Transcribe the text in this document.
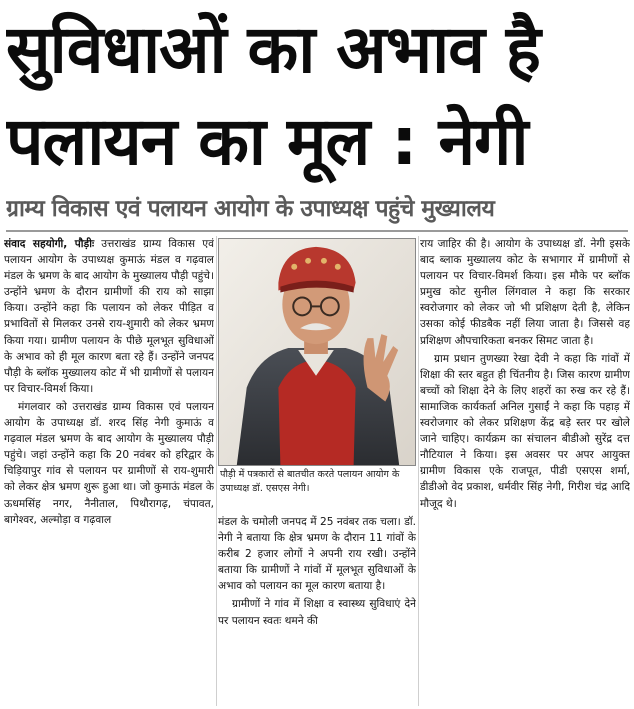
सुविधाओं का अभाव है
पलायन का मूल : नेगी
ग्राम्य विकास एवं पलायन आयोग के उपाध्यक्ष पहुंचे मुख्यालय

संवाद सहयोगी, पौड़ीः उत्तराखंड ग्राम्य विकास एवं पलायन आयोग के उपाध्यक्ष कुमाऊं मंडल व गढ़वाल मंडल के भ्रमण के बाद आयोग के मुख्यालय पौड़ी पहुंचे। उन्होंने भ्रमण के दौरान ग्रामीणों की राय को साझा किया। उन्होंने कहा कि पलायन को लेकर पीड़ित व प्रभावितों से मिलकर उनसे राय-शुमारी को लेकर भ्रमण किया गया। ग्रामीण पलायन के पीछे मूलभूत सुविधाओं के अभाव को ही मूल कारण बता रहे हैं। उन्होंने जनपद पौड़ी के ब्लॉक मुख्यालय कोट में भी ग्रामीणों से पलायन पर विचार-विमर्श किया।

मंगलवार को उत्तराखंड ग्राम्य विकास एवं पलायन आयोग के उपाध्यक्ष डॉ. शरद सिंह नेगी कुमाऊं व गढ़वाल मंडल भ्रमण के बाद आयोग के मुख्यालय पौड़ी पहुंचे। जहां उन्होंने कहा कि 20 नवंबर को हरिद्वार के चिड़ियापुर गांव से पलायन पर ग्रामीणों से राय-शुमारी को लेकर क्षेत्र भ्रमण शुरू हुआ था। जो कुमाऊं मंडल के ऊधमसिंह नगर, नैनीताल, पिथौरागढ़, चंपावत, बागेश्वर, अल्मोड़ा व गढ़वाल

पौड़ी में पत्रकारों से बातचीत करते पलायन आयोग के उपाध्यक्ष डॉ. एसएस नेगी।

मंडल के चमोली जनपद में 25 नवंबर तक चला। डॉ. नेगी ने बताया कि क्षेत्र भ्रमण के दौरान 11 गांवों के करीब 2 हजार लोगों ने अपनी राय रखी। उन्होंने बताया कि ग्रामीणों ने गांवों में मूलभूत सुविधाओं के अभाव को पलायन का मूल कारण बताया है।

ग्रामीणों ने गांव में शिक्षा व स्वास्थ्य सुविधाएं देने पर पलायन स्वतः थमने की

राय जाहिर की है। आयोग के उपाध्यक्ष डॉ. नेगी इसके बाद ब्लाक मुख्यालय कोट के सभागार में ग्रामीणों से पलायन पर विचार-विमर्श किया। इस मौके पर ब्लॉक प्रमुख कोट सुनील लिंगवाल ने कहा कि सरकार स्वरोजगार को लेकर जो भी प्रशिक्षण देती है, लेकिन उसका कोई फीडबैक नहीं लिया जाता है। जिससे वह प्रशिक्षण औपचारिकता बनकर सिमट जाता है।

ग्राम प्रधान तुणख्या रेखा देवी ने कहा कि गांवों में शिक्षा की स्तर बहुत ही चिंतनीय है। जिस कारण ग्रामीण बच्चों को शिक्षा देने के लिए शहरों का रुख कर रहे हैं। सामाजिक कार्यकर्ता अनिल गुसाईं ने कहा कि पहाड़ में स्वरोजगार को लेकर प्रशिक्षण केंद्र बड़े स्तर पर खोले जाने चाहिए। कार्यक्रम का संचालन बीडीओ सुरेंद्र दत्त नौटियाल ने किया। इस अवसर पर अपर आयुक्त ग्रामीण विकास एके राजपूत, पीडी एसएस शर्मा, डीडीओ वेद प्रकाश, धर्मवीर सिंह नेगी, गिरीश चंद्र आदि मौजूद थे।
